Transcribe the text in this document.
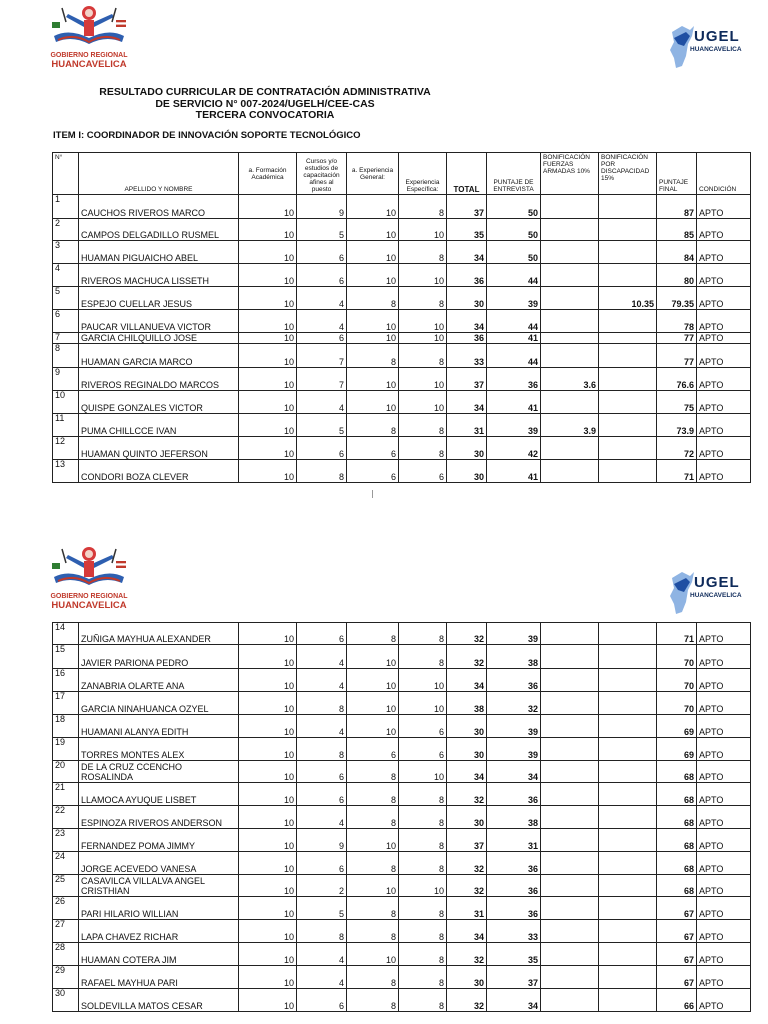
GOBIERNO REGIONAL
HUANCAVELICA
UGEL
HUANCAVELICA
RESULTADO CURRICULAR DE CONTRATACIÓN ADMINISTRATIVA
DE SERVICIO N° 007-2024/UGELH/CEE-CAS
TERCERA CONVOCATORIA
ITEM I: COORDINADOR DE INNOVACIÓN SOPORTE TECNOLÓGICO
N°	APELLIDO Y NOMBRE	a. Formación Académica	Cursos y/o estudios de capacitación afines al puesto	a. Experiencia General:	Experiencia Específica:	TOTAL	PUNTAJE DE ENTREVISTA	BONIFICACIÓN FUERZAS ARMADAS 10%	BONIFICACIÓN POR DISCAPACIDAD 15%	PUNTAJE FINAL	CONDICIÓN
1	CAUCHOS RIVEROS MARCO	10	9	10	8	37	50			87	APTO
2	CAMPOS DELGADILLO RUSMEL	10	5	10	10	35	50			85	APTO
3	HUAMAN PIGUAICHO ABEL	10	6	10	8	34	50			84	APTO
4	RIVEROS MACHUCA LISSETH	10	6	10	10	36	44			80	APTO
5	ESPEJO CUELLAR JESUS	10	4	8	8	30	39		10.35	79.35	APTO
6	PAUCAR VILLANUEVA VICTOR	10	4	10	10	34	44			78	APTO
7	GARCIA CHILQUILLO JOSE	10	6	10	10	36	41			77	APTO
8	HUAMAN GARCIA MARCO	10	7	8	8	33	44			77	APTO
9	RIVEROS REGINALDO MARCOS	10	7	10	10	37	36	3.6		76.6	APTO
10	QUISPE GONZALES VICTOR	10	4	10	10	34	41			75	APTO
11	PUMA CHILLCCE IVAN	10	5	8	8	31	39	3.9		73.9	APTO
12	HUAMAN QUINTO JEFERSON	10	6	6	8	30	42			72	APTO
13	CONDORI BOZA CLEVER	10	8	6	6	30	41			71	APTO
GOBIERNO REGIONAL
HUANCAVELICA
UGEL
HUANCAVELICA
14	ZUÑIGA MAYHUA ALEXANDER	10	6	8	8	32	39			71	APTO
15	JAVIER PARIONA PEDRO	10	4	10	8	32	38			70	APTO
16	ZANABRIA OLARTE ANA	10	4	10	10	34	36			70	APTO
17	GARCIA NINAHUANCA OZYEL	10	8	10	10	38	32			70	APTO
18	HUAMANI ALANYA EDITH	10	4	10	6	30	39			69	APTO
19	TORRES MONTES ALEX	10	8	6	6	30	39			69	APTO
20	DE LA CRUZ CCENCHO ROSALINDA	10	6	8	10	34	34			68	APTO
21	LLAMOCA AYUQUE LISBET	10	6	8	8	32	36			68	APTO
22	ESPINOZA RIVEROS ANDERSON	10	4	8	8	30	38			68	APTO
23	FERNANDEZ POMA JIMMY	10	9	10	8	37	31			68	APTO
24	JORGE ACEVEDO VANESA	10	6	8	8	32	36			68	APTO
25	CASAVILCA VILLALVA ANGEL CRISTHIAN	10	2	10	10	32	36			68	APTO
26	PARI HILARIO WILLIAN	10	5	8	8	31	36			67	APTO
27	LAPA CHAVEZ RICHAR	10	8	8	8	34	33			67	APTO
28	HUAMAN COTERA JIM	10	4	10	8	32	35			67	APTO
29	RAFAEL MAYHUA PARI	10	4	8	8	30	37			67	APTO
30	SOLDEVILLA MATOS CESAR	10	6	8	8	32	34			66	APTO
